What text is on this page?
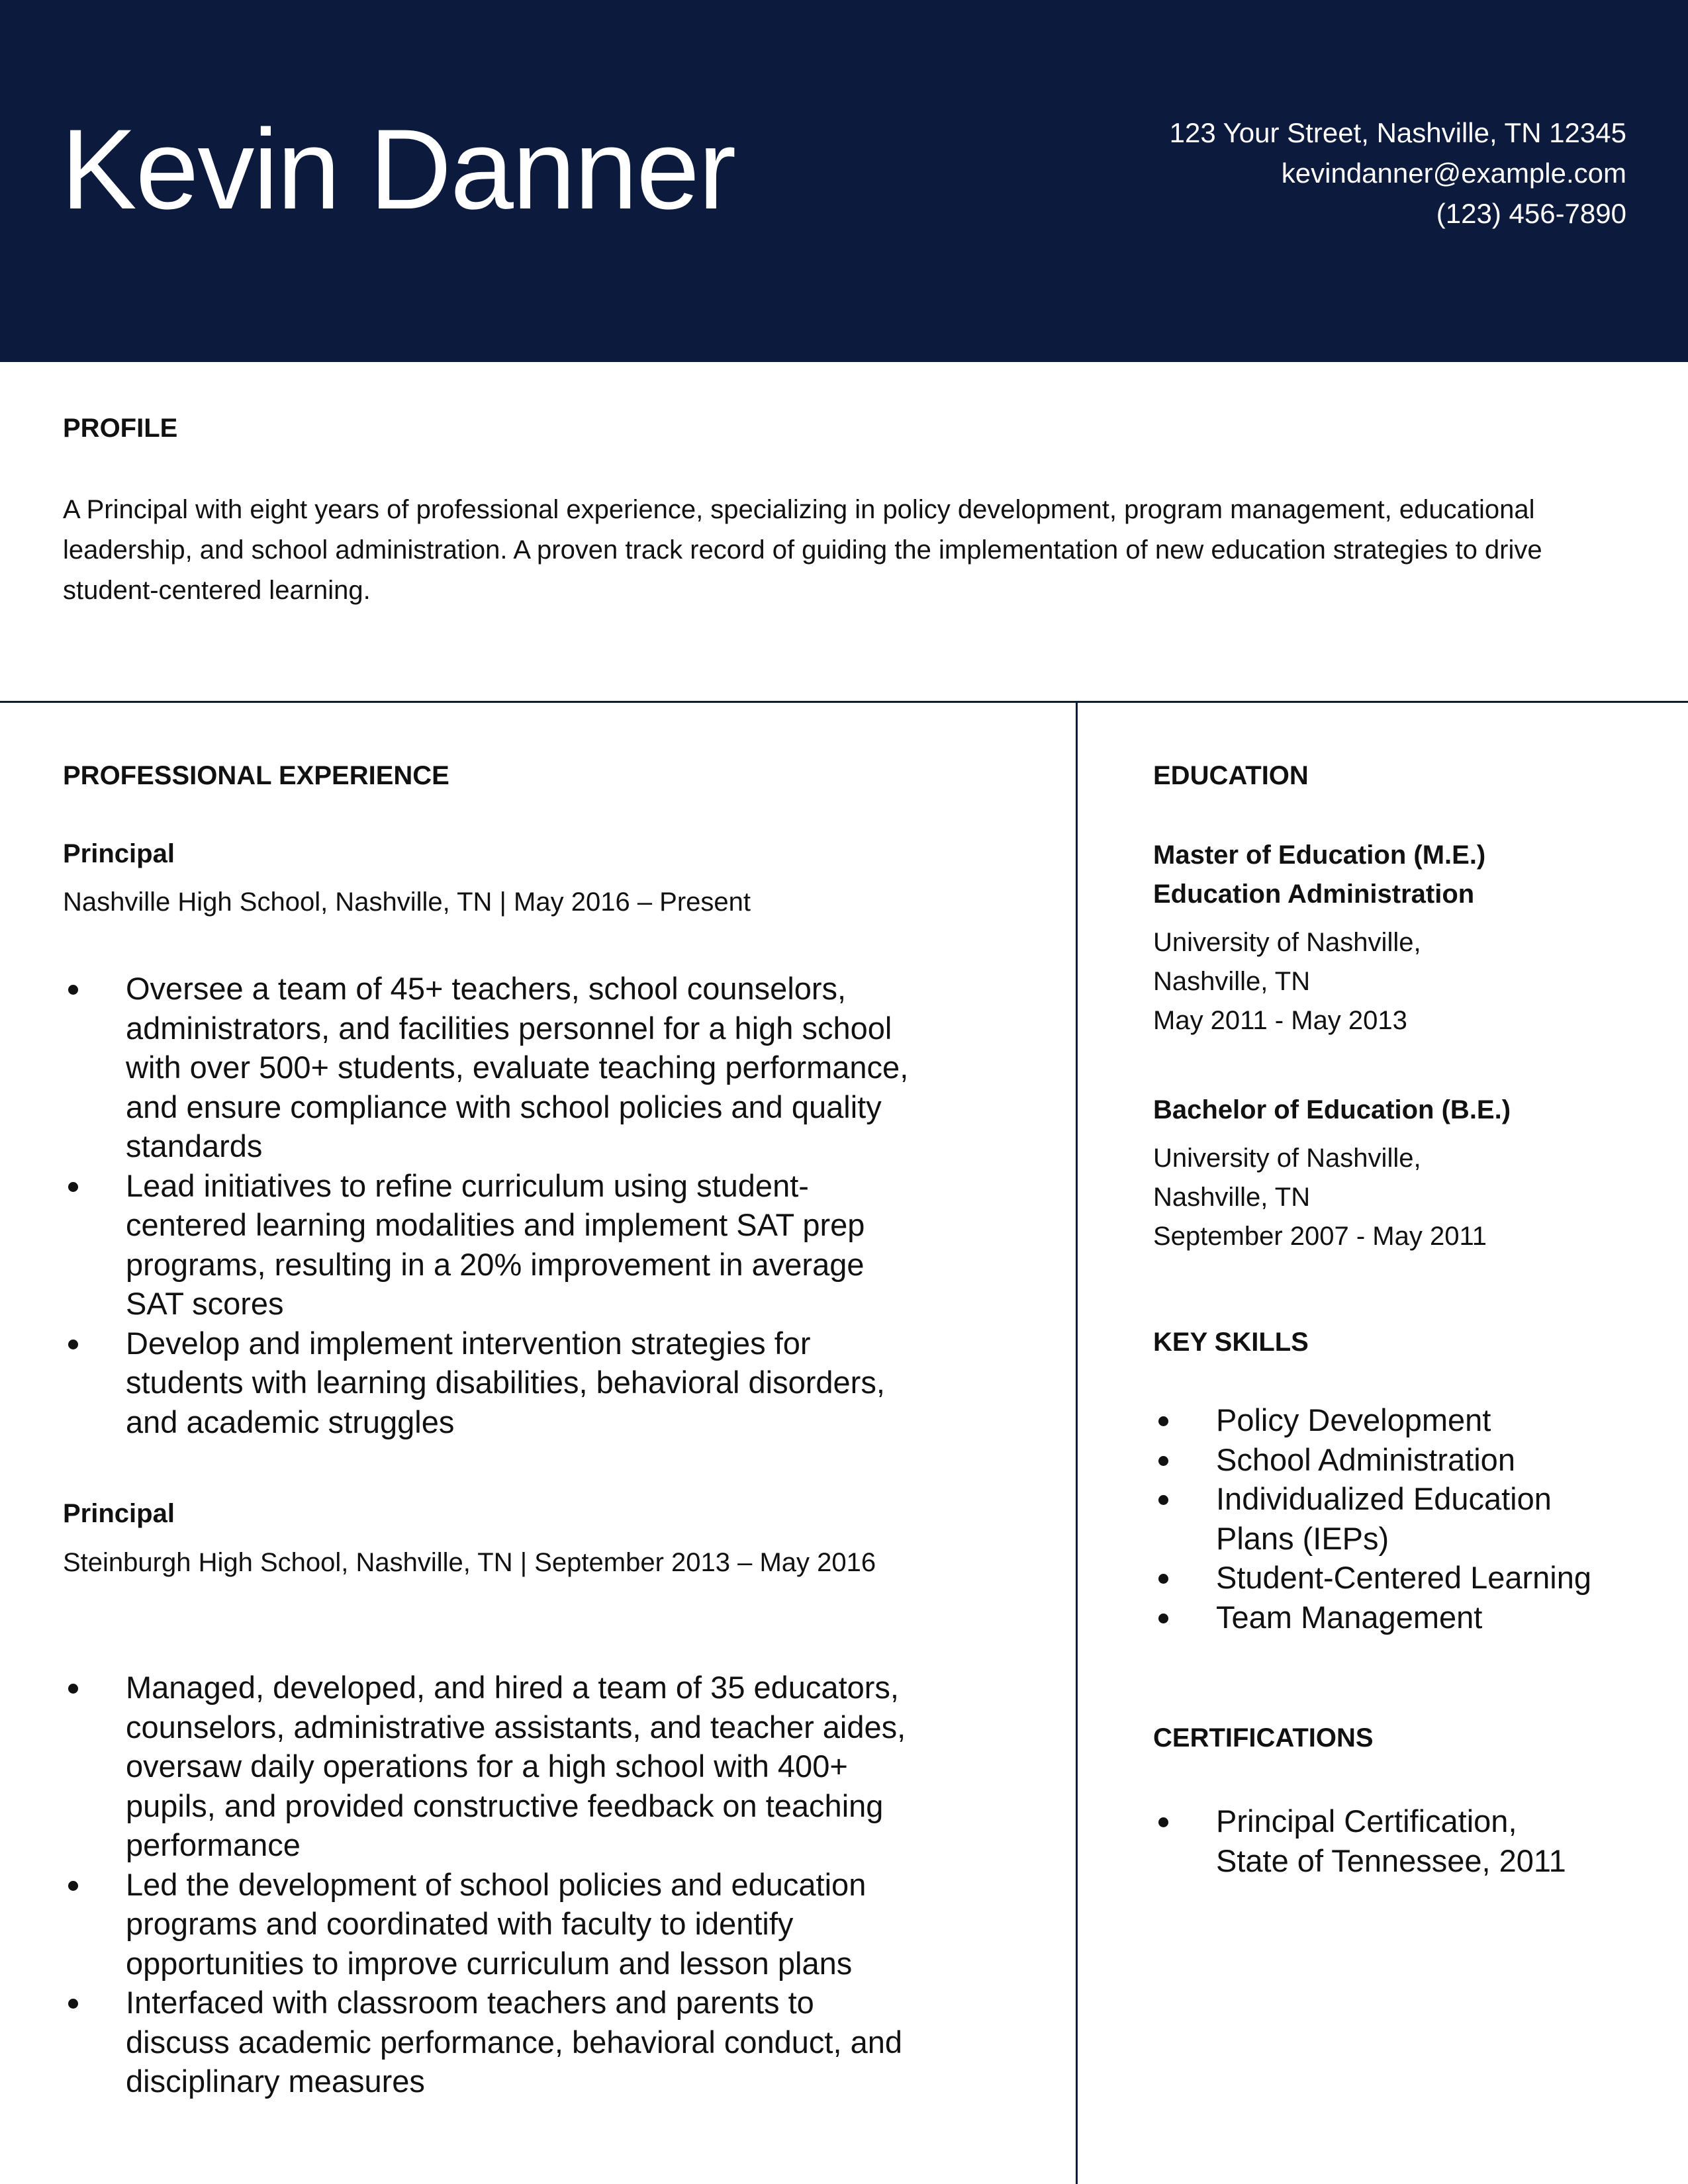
Kevin Danner	123 Your Street, Nashville, TN 12345
kevindanner@example.com
(123) 456-7890
PROFILE
A Principal with eight years of professional experience, specializing in policy development, program management, educational leadership, and school administration. A proven track record of guiding the implementation of new education strategies to drive student-centered learning.
PROFESSIONAL EXPERIENCE
Principal
Nashville High School, Nashville, TN | May 2016 – Present
Oversee a team of 45+ teachers, school counselors, administrators, and facilities personnel for a high school with over 500+ students, evaluate teaching performance, and ensure compliance with school policies and quality standards
Lead initiatives to refine curriculum using student-centered learning modalities and implement SAT prep programs, resulting in a 20% improvement in average SAT scores
Develop and implement intervention strategies for students with learning disabilities, behavioral disorders, and academic struggles
Principal
Steinburgh High School, Nashville, TN | September 2013 – May 2016
Managed, developed, and hired a team of 35 educators, counselors, administrative assistants, and teacher aides, oversaw daily operations for a high school with 400+ pupils, and provided constructive feedback on teaching performance
Led the development of school policies and education programs and coordinated with faculty to identify opportunities to improve curriculum and lesson plans
Interfaced with classroom teachers and parents to discuss academic performance, behavioral conduct, and disciplinary measures
EDUCATION
Master of Education (M.E.)
Education Administration
University of Nashville,
Nashville, TN
May 2011 - May 2013
Bachelor of Education (B.E.)
University of Nashville,
Nashville, TN
September 2007 - May 2011
KEY SKILLS
Policy Development
School Administration
Individualized Education Plans (IEPs)
Student-Centered Learning
Team Management
CERTIFICATIONS
Principal Certification, State of Tennessee, 2011
